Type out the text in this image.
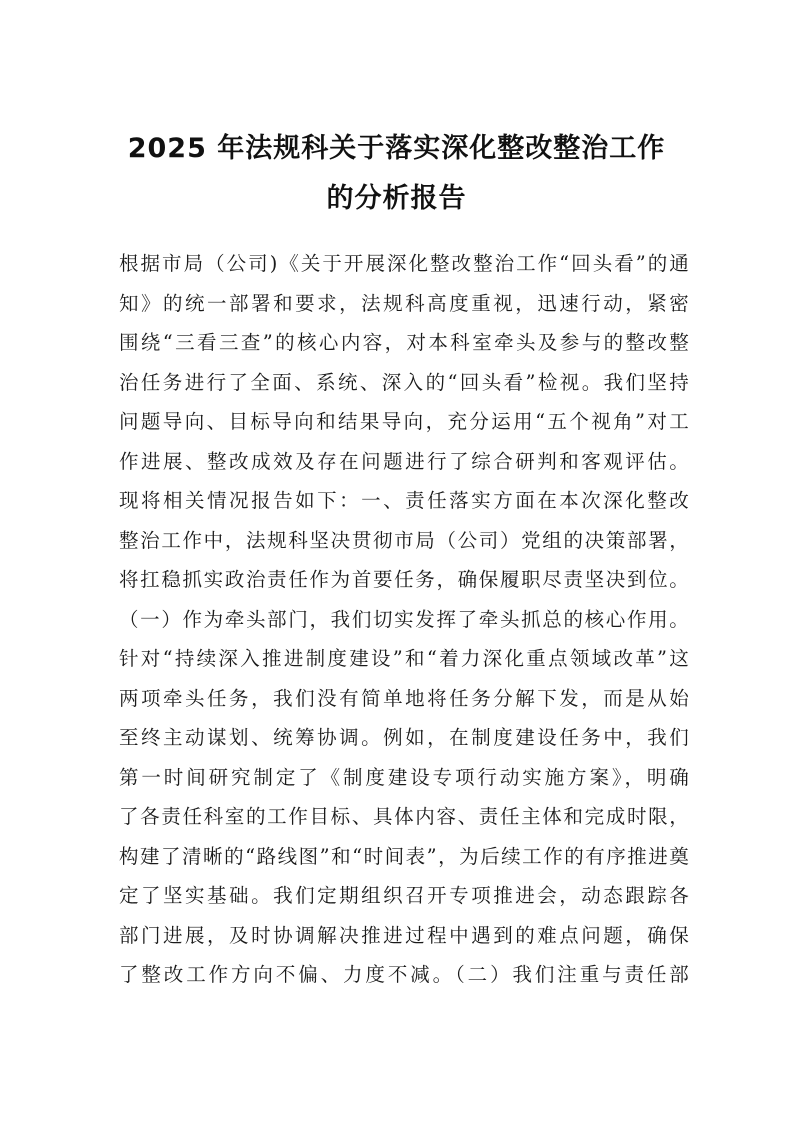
2025 年法规科关于落实深化整改整治工作
的分析报告
根据市局（公司)《关于开展深化整改整治工作“回头看”的通
知》的统一部署和要求，法规科高度重视，迅速行动，紧密
围绕“三看三查”的核心内容，对本科室牵头及参与的整改整
治任务进行了全面、系统、深入的“回头看”检视。我们坚持
问题导向、目标导向和结果导向，充分运用“五个视角”对工
作进展、整改成效及存在问题进行了综合研判和客观评估。
现将相关情况报告如下：一、责任落实方面在本次深化整改
整治工作中，法规科坚决贯彻市局（公司）党组的决策部署，
将扛稳抓实政治责任作为首要任务，确保履职尽责坚决到位。
（一）作为牵头部门，我们切实发挥了牵头抓总的核心作用。
针对“持续深入推进制度建设”和“着力深化重点领域改革”这
两项牵头任务，我们没有简单地将任务分解下发，而是从始
至终主动谋划、统筹协调。例如，在制度建设任务中，我们
第一时间研究制定了《制度建设专项行动实施方案》，明确
了各责任科室的工作目标、具体内容、责任主体和完成时限，
构建了清晰的“路线图”和“时间表”，为后续工作的有序推进奠
定了坚实基础。我们定期组织召开专项推进会，动态跟踪各
部门进展，及时协调解决推进过程中遇到的难点问题，确保
了整改工作方向不偏、力度不减。（二）我们注重与责任部
